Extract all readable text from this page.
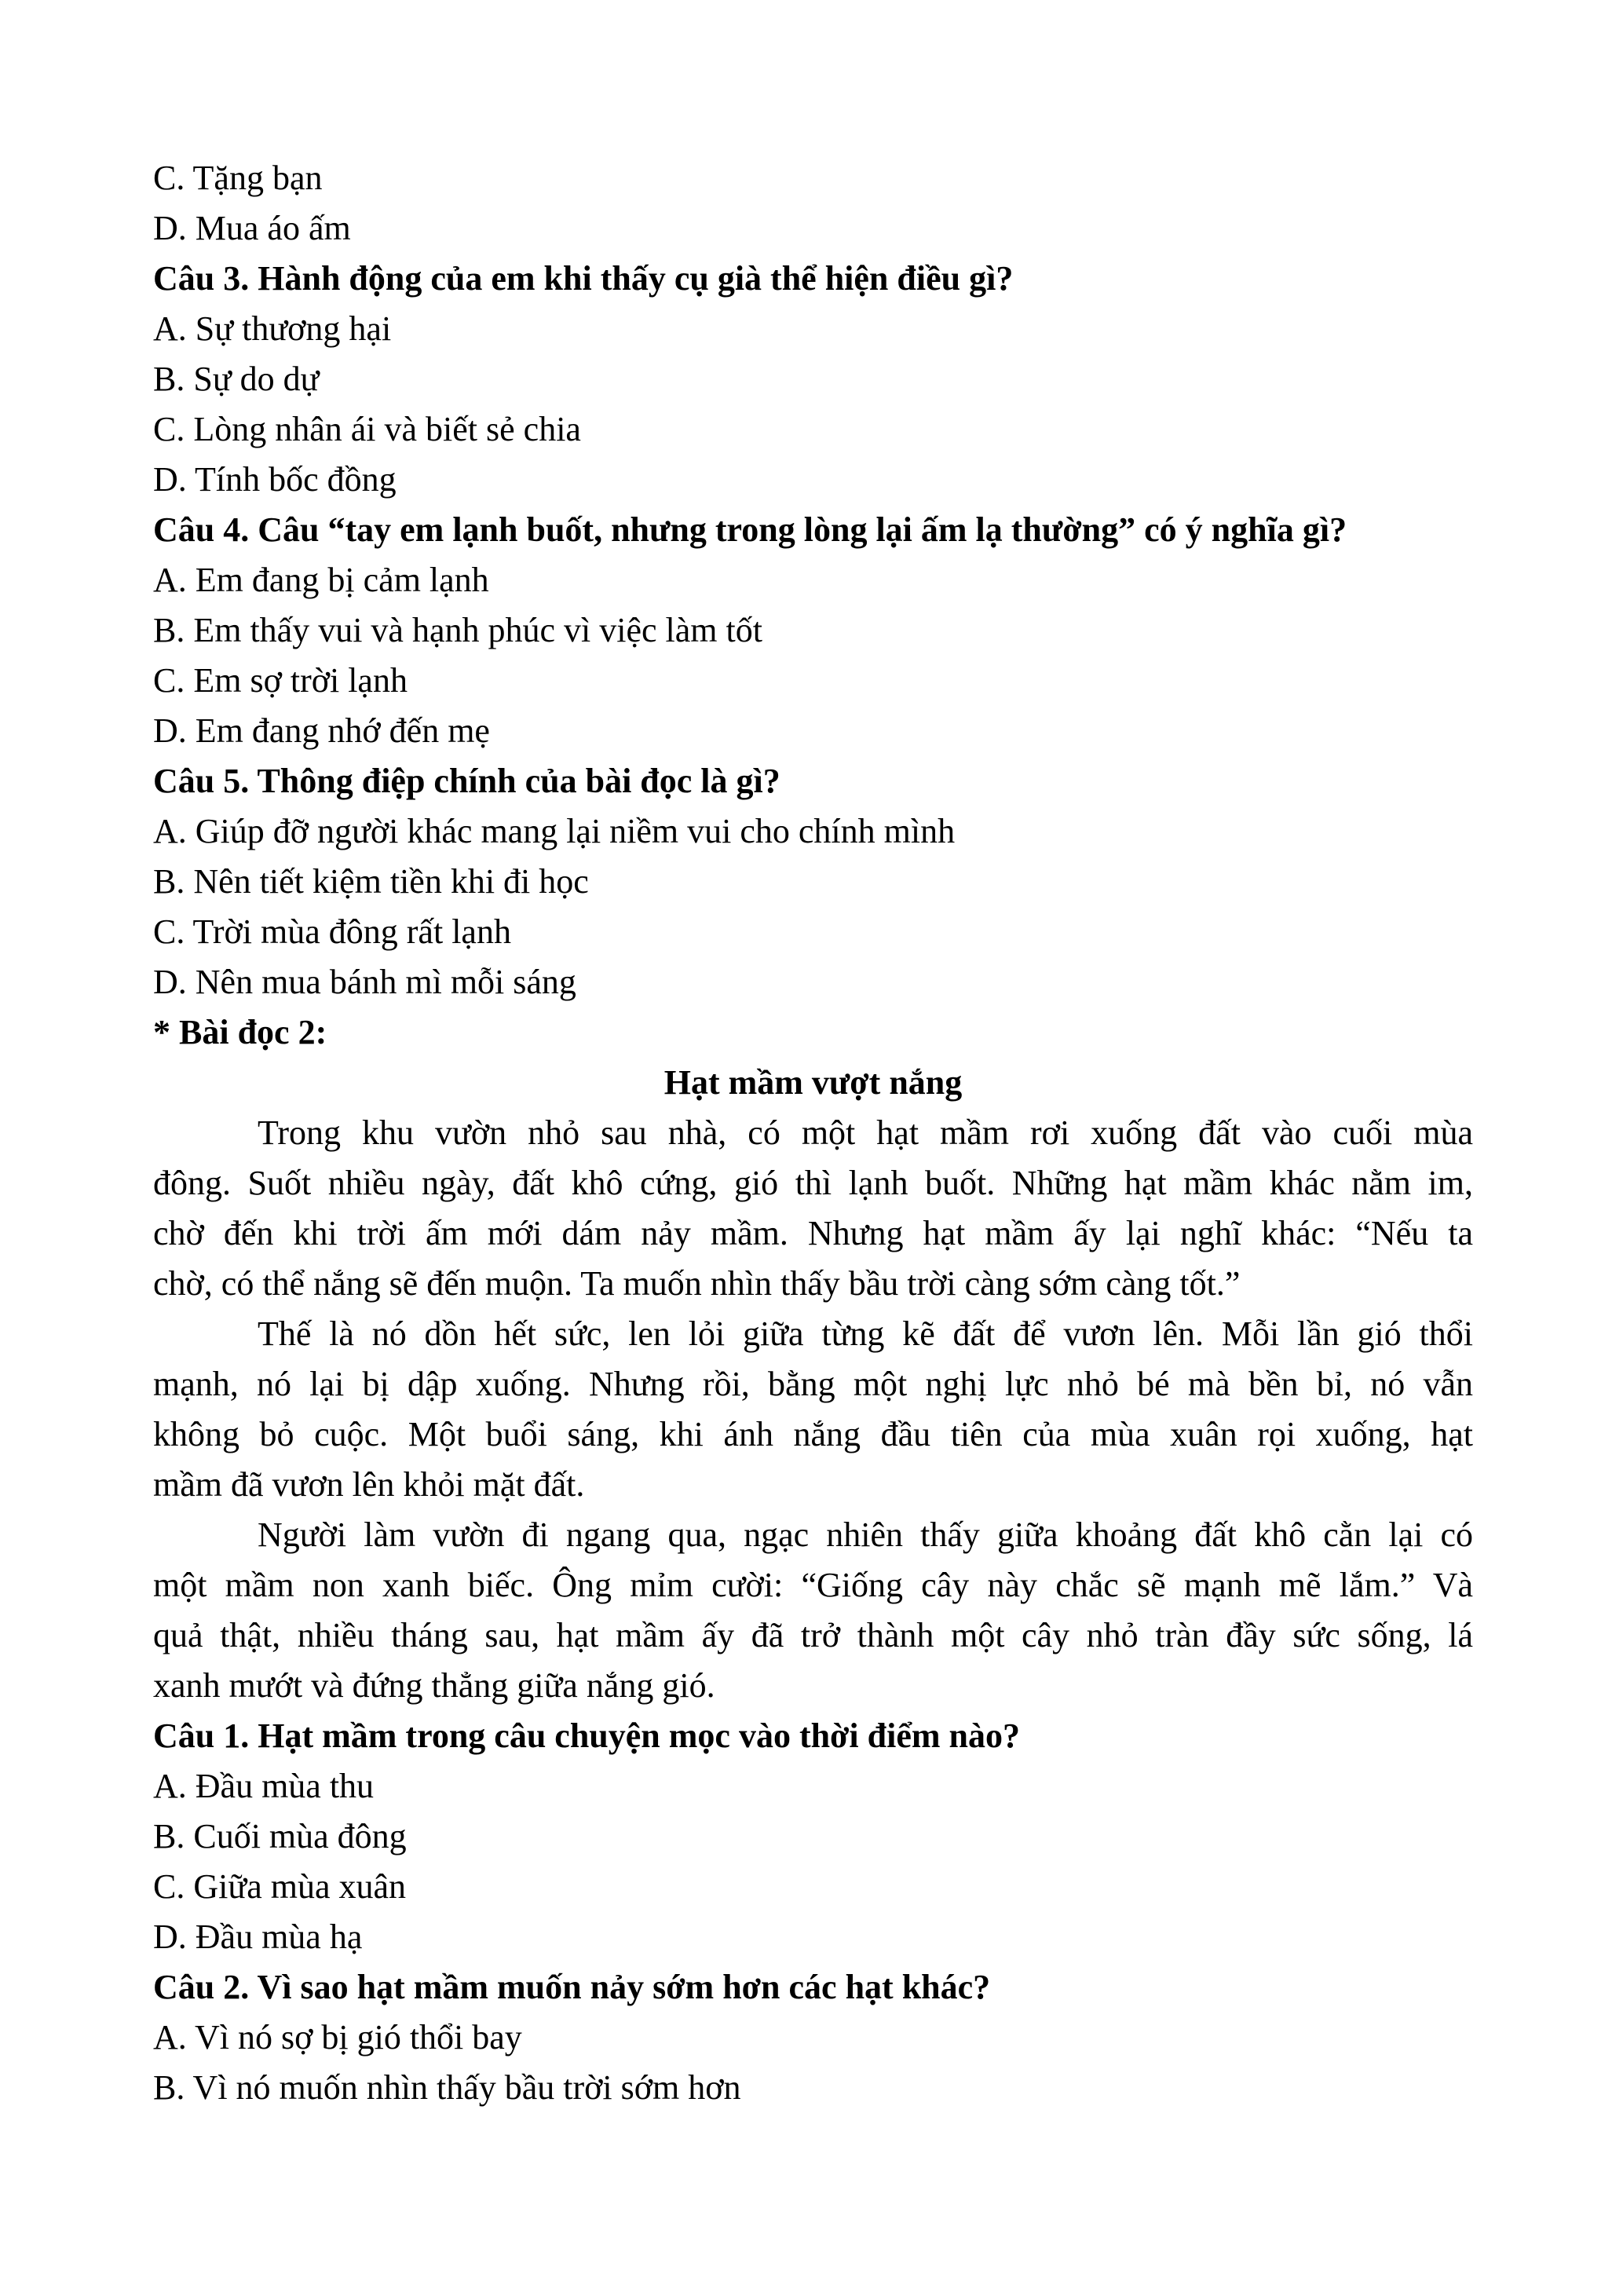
C. Tặng bạn
D. Mua áo ấm
Câu 3. Hành động của em khi thấy cụ già thể hiện điều gì?
A. Sự thương hại
B. Sự do dự
C. Lòng nhân ái và biết sẻ chia
D. Tính bốc đồng
Câu 4. Câu “tay em lạnh buốt, nhưng trong lòng lại ấm lạ thường” có ý nghĩa gì?
A. Em đang bị cảm lạnh
B. Em thấy vui và hạnh phúc vì việc làm tốt
C. Em sợ trời lạnh
D. Em đang nhớ đến mẹ
Câu 5. Thông điệp chính của bài đọc là gì?
A. Giúp đỡ người khác mang lại niềm vui cho chính mình
B. Nên tiết kiệm tiền khi đi học
C. Trời mùa đông rất lạnh
D. Nên mua bánh mì mỗi sáng
* Bài đọc 2:
Hạt mầm vượt nắng
Trong khu vườn nhỏ sau nhà, có một hạt mầm rơi xuống đất vào cuối mùa
đông. Suốt nhiều ngày, đất khô cứng, gió thì lạnh buốt. Những hạt mầm khác nằm im,
chờ đến khi trời ấm mới dám nảy mầm. Nhưng hạt mầm ấy lại nghĩ khác: “Nếu ta
chờ, có thể nắng sẽ đến muộn. Ta muốn nhìn thấy bầu trời càng sớm càng tốt.”
Thế là nó dồn hết sức, len lỏi giữa từng kẽ đất để vươn lên. Mỗi lần gió thổi
mạnh, nó lại bị dập xuống. Nhưng rồi, bằng một nghị lực nhỏ bé mà bền bỉ, nó vẫn
không bỏ cuộc. Một buổi sáng, khi ánh nắng đầu tiên của mùa xuân rọi xuống, hạt
mầm đã vươn lên khỏi mặt đất.
Người làm vườn đi ngang qua, ngạc nhiên thấy giữa khoảng đất khô cằn lại có
một mầm non xanh biếc. Ông mỉm cười: “Giống cây này chắc sẽ mạnh mẽ lắm.” Và
quả thật, nhiều tháng sau, hạt mầm ấy đã trở thành một cây nhỏ tràn đầy sức sống, lá
xanh mướt và đứng thẳng giữa nắng gió.
Câu 1. Hạt mầm trong câu chuyện mọc vào thời điểm nào?
A. Đầu mùa thu
B. Cuối mùa đông
C. Giữa mùa xuân
D. Đầu mùa hạ
Câu 2. Vì sao hạt mầm muốn nảy sớm hơn các hạt khác?
A. Vì nó sợ bị gió thổi bay
B. Vì nó muốn nhìn thấy bầu trời sớm hơn
